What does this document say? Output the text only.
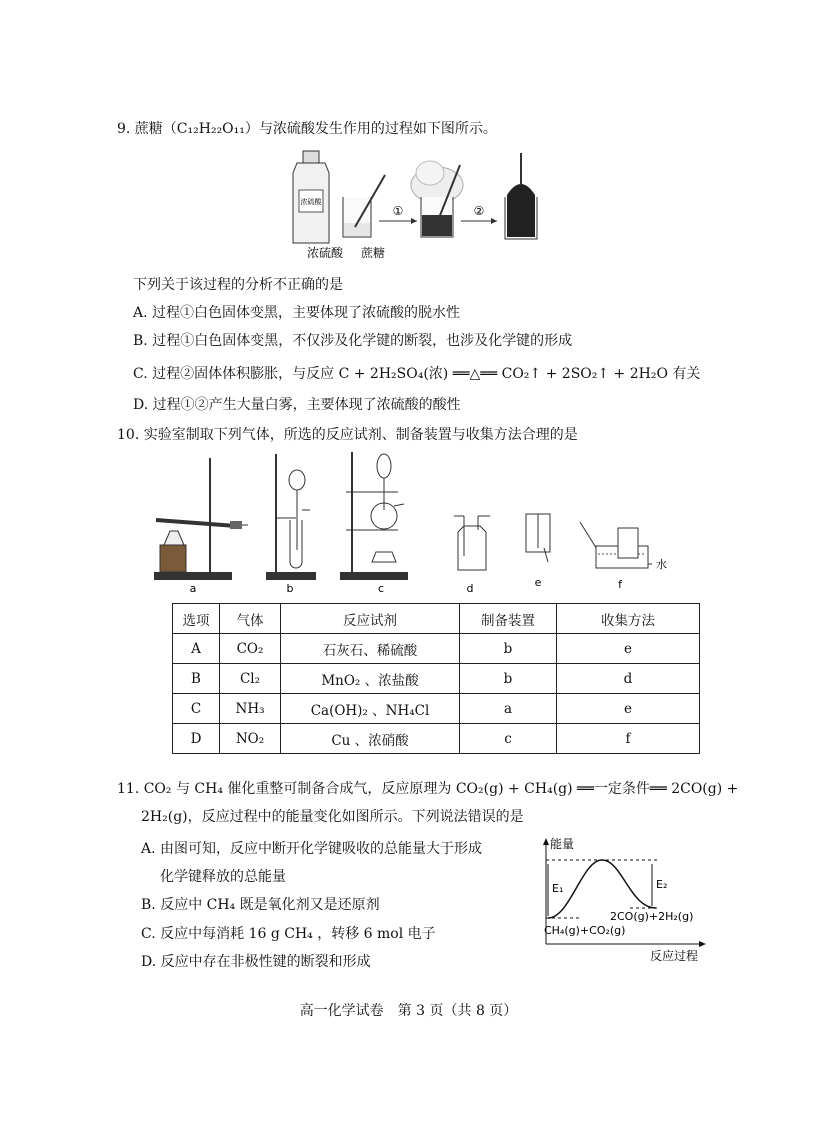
9. 蔗糖（C₁₂H₂₂O₁₁）与浓硫酸发生作用的过程如下图所示。
浓硫酸
①	②
浓硫酸 蔗糖
下列关于该过程的分析不正确的是
A. 过程①白色固体变黑，主要体现了浓硫酸的脱水性
B. 过程①白色固体变黑，不仅涉及化学键的断裂，也涉及化学键的形成
C. 过程②固体体积膨胀，与反应 C + 2H₂SO₄(浓) ══△══ CO₂↑ + 2SO₂↑ + 2H₂O 有关
D. 过程①②产生大量白雾，主要体现了浓硫酸的酸性
10. 实验室制取下列气体，所选的反应试剂、制备装置与收集方法合理的是
a	b	c	d	e
水
f
选项	气体	反应试剂	制备装置	收集方法
A	CO₂	石灰石、稀硫酸	b	e
B	Cl₂	MnO₂ 、浓盐酸	b	d
C	NH₃	Ca(OH)₂ 、NH₄Cl	a	e
D	NO₂	Cu 、浓硝酸	c	f
11. CO₂ 与 CH₄ 催化重整可制备合成气，反应原理为 CO₂(g) + CH₄(g) ══一定条件══ 2CO(g) +
2H₂(g)，反应过程中的能量变化如图所示。下列说法错误的是
A. 由图可知，反应中断开化学键吸收的总能量大于形成
化学键释放的总能量
B. 反应中 CH₄ 既是氧化剂又是还原剂
C. 反应中每消耗 16 g CH₄ ，转移 6 mol 电子
D. 反应中存在非极性键的断裂和形成
能量
反应过程
E₁	E₂
2CO(g)+2H₂(g)
CH₄(g)+CO₂(g)
高一化学试卷　第 3 页（共 8 页）
